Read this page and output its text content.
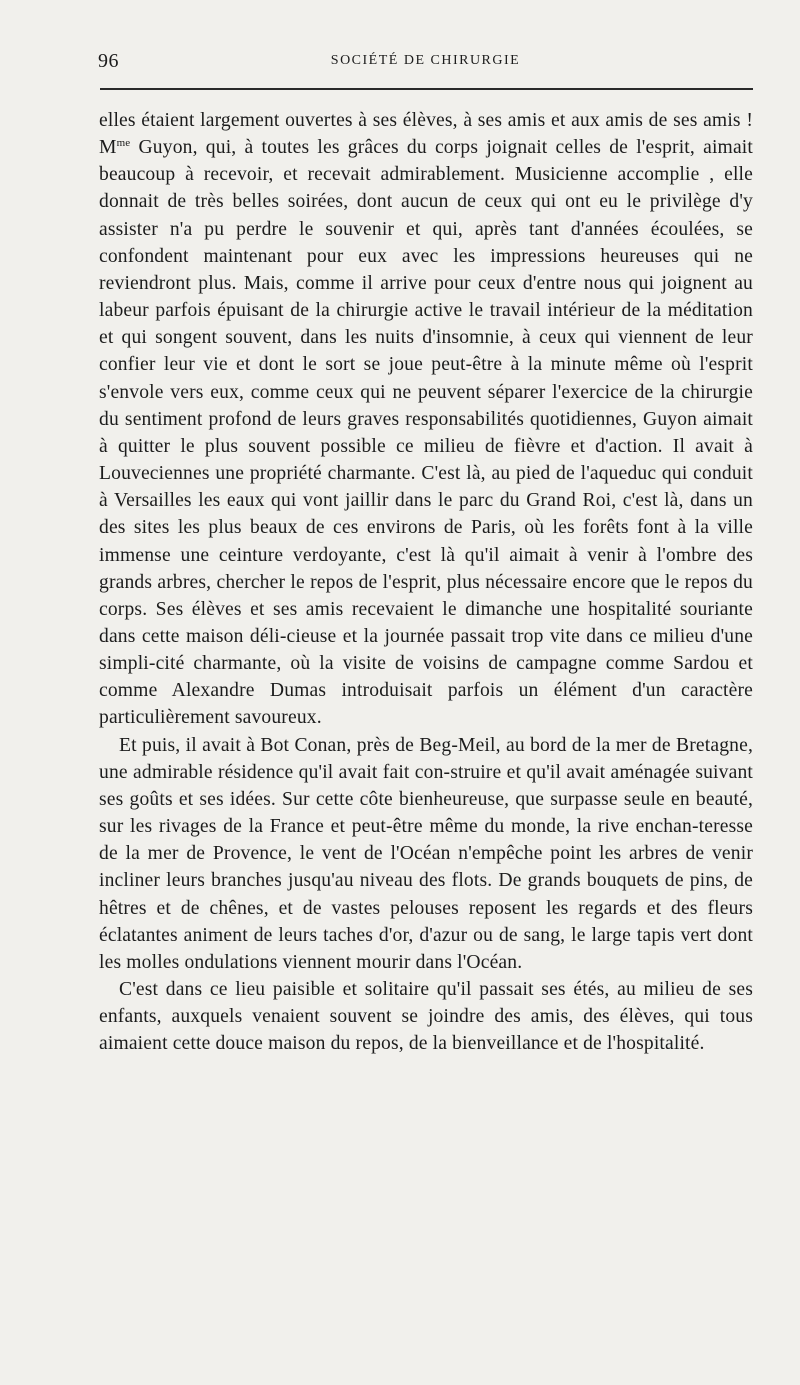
96	SOCIÉTÉ DE CHIRURGIE

elles étaient largement ouvertes à ses élèves, à ses amis et aux amis de ses amis ! $M^{me}$ Guyon, qui, à toutes les grâces du corps joignait celles de l'esprit, aimait beaucoup à recevoir, et recevait admirablement. Musicienne accomplie , elle donnait de très belles soirées, dont aucun de ceux qui ont eu le privilège d'y assister n'a pu perdre le souvenir et qui, après tant d'années écoulées, se confondent maintenant pour eux avec les impressions heureuses qui ne reviendront plus. Mais, comme il arrive pour ceux d'entre nous qui joignent au labeur parfois épuisant de la chirurgie active le travail intérieur de la méditation et qui songent souvent, dans les nuits d'insomnie, à ceux qui viennent de leur confier leur vie et dont le sort se joue peut-être à la minute même où l'esprit s'envole vers eux, comme ceux qui ne peuvent séparer l'exercice de la chirurgie du sentiment profond de leurs graves responsabilités quotidiennes, Guyon aimait à quitter le plus souvent possible ce milieu de fièvre et d'action. Il avait à Louveciennes une propriété charmante. C'est là, au pied de l'aqueduc qui conduit à Versailles les eaux qui vont jaillir dans le parc du Grand Roi, c'est là, dans un des sites les plus beaux de ces environs de Paris, où les forêts font à la ville immense une ceinture verdoyante, c'est là qu'il aimait à venir à l'ombre des grands arbres, chercher le repos de l'esprit, plus nécessaire encore que le repos du corps. Ses élèves et ses amis recevaient le dimanche une hospitalité souriante dans cette maison déli-cieuse et la journée passait trop vite dans ce milieu d'une simpli-cité charmante, où la visite de voisins de campagne comme Sardou et comme Alexandre Dumas introduisait parfois un élément d'un caractère particulièrement savoureux.

Et puis, il avait à Bot Conan, près de Beg-Meil, au bord de la mer de Bretagne, une admirable résidence qu'il avait fait con-struire et qu'il avait aménagée suivant ses goûts et ses idées. Sur cette côte bienheureuse, que surpasse seule en beauté, sur les rivages de la France et peut-être même du monde, la rive enchan-teresse de la mer de Provence, le vent de l'Océan n'empêche point les arbres de venir incliner leurs branches jusqu'au niveau des flots. De grands bouquets de pins, de hêtres et de chênes, et de vastes pelouses reposent les regards et des fleurs éclatantes animent de leurs taches d'or, d'azur ou de sang, le large tapis vert dont les molles ondulations viennent mourir dans l'Océan.

C'est dans ce lieu paisible et solitaire qu'il passait ses étés, au milieu de ses enfants, auxquels venaient souvent se joindre des amis, des élèves, qui tous aimaient cette douce maison du repos, de la bienveillance et de l'hospitalité.
